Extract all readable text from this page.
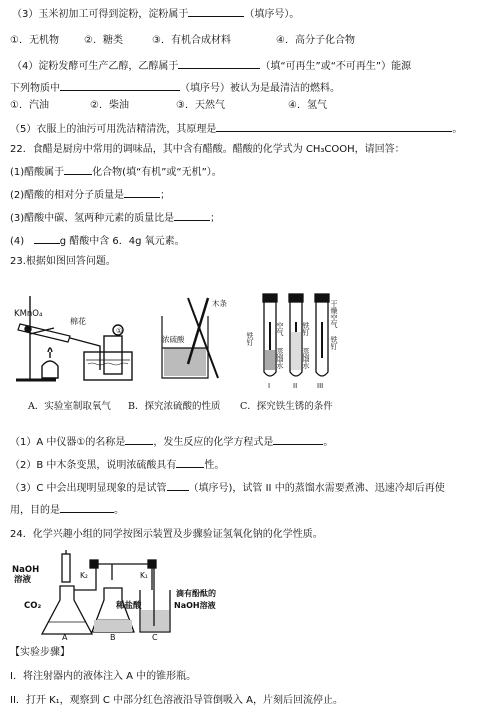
（3）玉米初加工可得到淀粉，淀粉属于	（填序号）。
①．无机物	②．糖类	③．有机合成材料	④．高分子化合物
（4）淀粉发酵可生产乙醇，乙醇属于	（填“可再生”或“不可再生”）能源
下列物质中	（填序号）被认为是最清洁的燃料。
①．汽油	②．柴油	③．天然气	④．氢气
（5）衣服上的油污可用洗洁精清洗，其原理是	。
22．食醋是厨房中常用的调味品，其中含有醋酸。醋酸的化学式为 CH₃COOH，请回答：
(1)醋酸属于	化合物(填“有机”或“无机”）。
(2)醋酸的相对分子质量是	；
(3)醋酸中碳、氢两种元素的质量比是	；
(4)	g 醋酸中含 6．4g 氧元素。
23.根据如图回答问题。
KMnO₄
棉花
①
浓硫酸
木条
铁钉
空气
蒸馏水
铁钉
蒸馏水
铁钉
干燥空气
I	II	III
A．实验室制取氧气 B．探究浓硫酸的性质 C．探究铁生锈的条件
（1）A 中仪器①的名称是	，发生反应的化学方程式是	。
（2）B 中木条变黑，说明浓硫酸具有	性。
（3）C 中会出现明显现象的是试管 （填序号)，试管 II 中的蒸馏水需要煮沸、迅速冷却后再使
用，目的是	。
24．化学兴趣小组的同学按图示装置及步骤验证氢氧化钠的化学性质。
NaOH
溶液
CO₂
K₂	K₁
稀盐酸
滴有酚酞的
NaOH溶液
A	B	C
【实验步骤】
I．将注射器内的液体注入 A 中的锥形瓶。
II．打开 K₁，观察到 C 中部分红色溶液沿导管倒吸入 A，片刻后回流停止。
